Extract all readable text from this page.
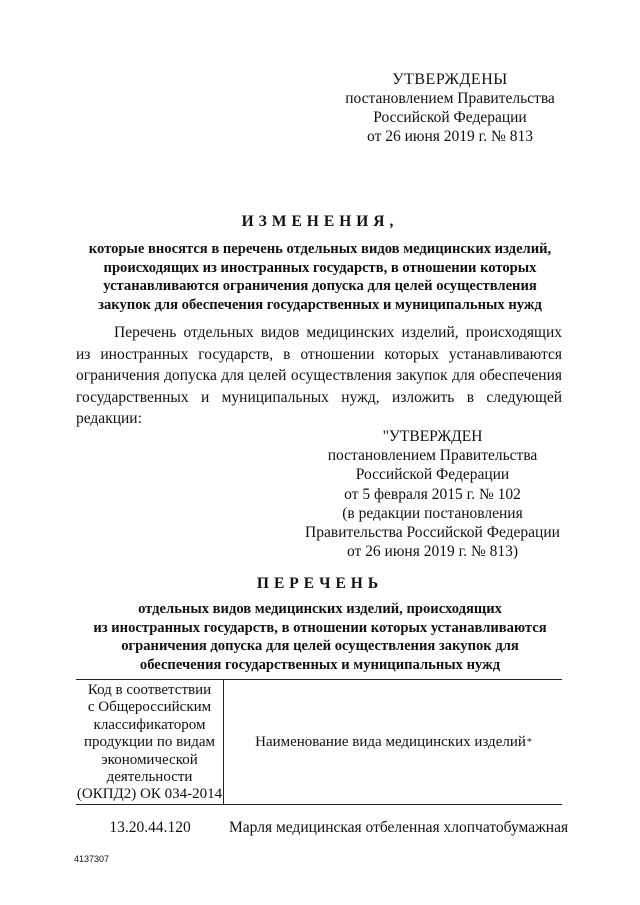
УТВЕРЖДЕНЫ
постановлением Правительства
Российской Федерации
от 26 июня 2019 г. № 813
ИЗМЕНЕНИЯ,
которые вносятся в перечень отдельных видов медицинских изделий,
происходящих из иностранных государств, в отношении которых
устанавливаются ограничения допуска для целей осуществления
закупок для обеспечения государственных и муниципальных нужд
Перечень отдельных видов медицинских изделий, происходящих
из иностранных государств, в отношении которых устанавливаются
ограничения допуска для целей осуществления закупок для обеспечения
государственных и муниципальных нужд, изложить в следующей
редакции:
"УТВЕРЖДЕН
постановлением Правительства
Российской Федерации
от 5 февраля 2015 г. № 102
(в редакции постановления
Правительства Российской Федерации
от 26 июня 2019 г. № 813)
ПЕРЕЧЕНЬ
отдельных видов медицинских изделий, происходящих
из иностранных государств, в отношении которых устанавливаются
ограничения допуска для целей осуществления закупок для
обеспечения государственных и муниципальных нужд
Код в соответствии
с Общероссийским
классификатором
продукции по видам
экономической
деятельности
(ОКПД2) ОК 034-2014
Наименование вида медицинских изделий *
13.20.44.120	Марля медицинская отбеленная хлопчатобумажная
4137307
